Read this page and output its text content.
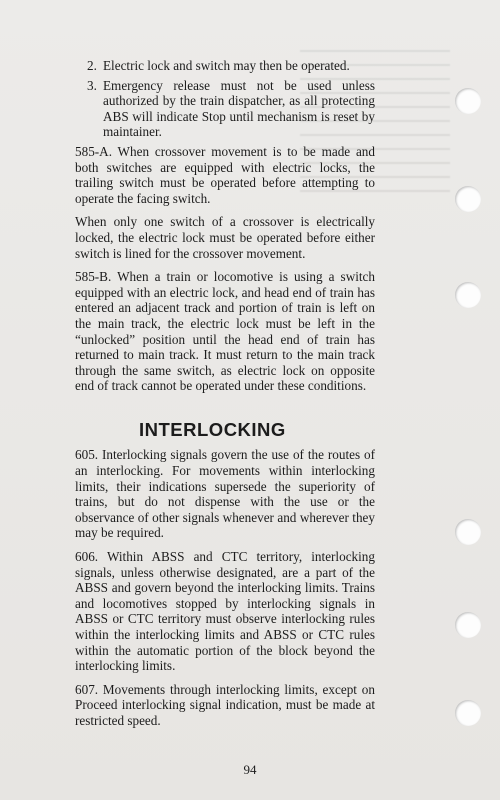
2. Electric lock and switch may then be operated.
3. Emergency release must not be used unless authorized by the train dispatcher, as all protecting ABS will indicate Stop until mechanism is reset by maintainer.

585-A. When crossover movement is to be made and both switches are equipped with electric locks, the trailing switch must be operated before attempting to operate the facing switch.

When only one switch of a crossover is electrically locked, the electric lock must be operated before either switch is lined for the crossover movement.

585-B. When a train or locomotive is using a switch equipped with an electric lock, and head end of train has entered an adjacent track and portion of train is left on the main track, the electric lock must be left in the “unlocked” position until the head end of train has returned to main track. It must return to the main track through the same switch, as electric lock on opposite end of track cannot be operated under these conditions.

INTERLOCKING

605. Interlocking signals govern the use of the routes of an interlocking. For movements within interlocking limits, their indications supersede the superiority of trains, but do not dispense with the use or the observance of other signals whenever and wherever they may be required.

606. Within ABSS and CTC territory, interlocking signals, unless otherwise designated, are a part of the ABSS and govern beyond the interlocking limits. Trains and locomotives stopped by interlocking signals in ABSS or CTC territory must observe interlocking rules within the interlocking limits and ABSS or CTC rules within the automatic portion of the block beyond the interlocking limits.

607. Movements through interlocking limits, except on Proceed interlocking signal indication, must be made at restricted speed.

94
